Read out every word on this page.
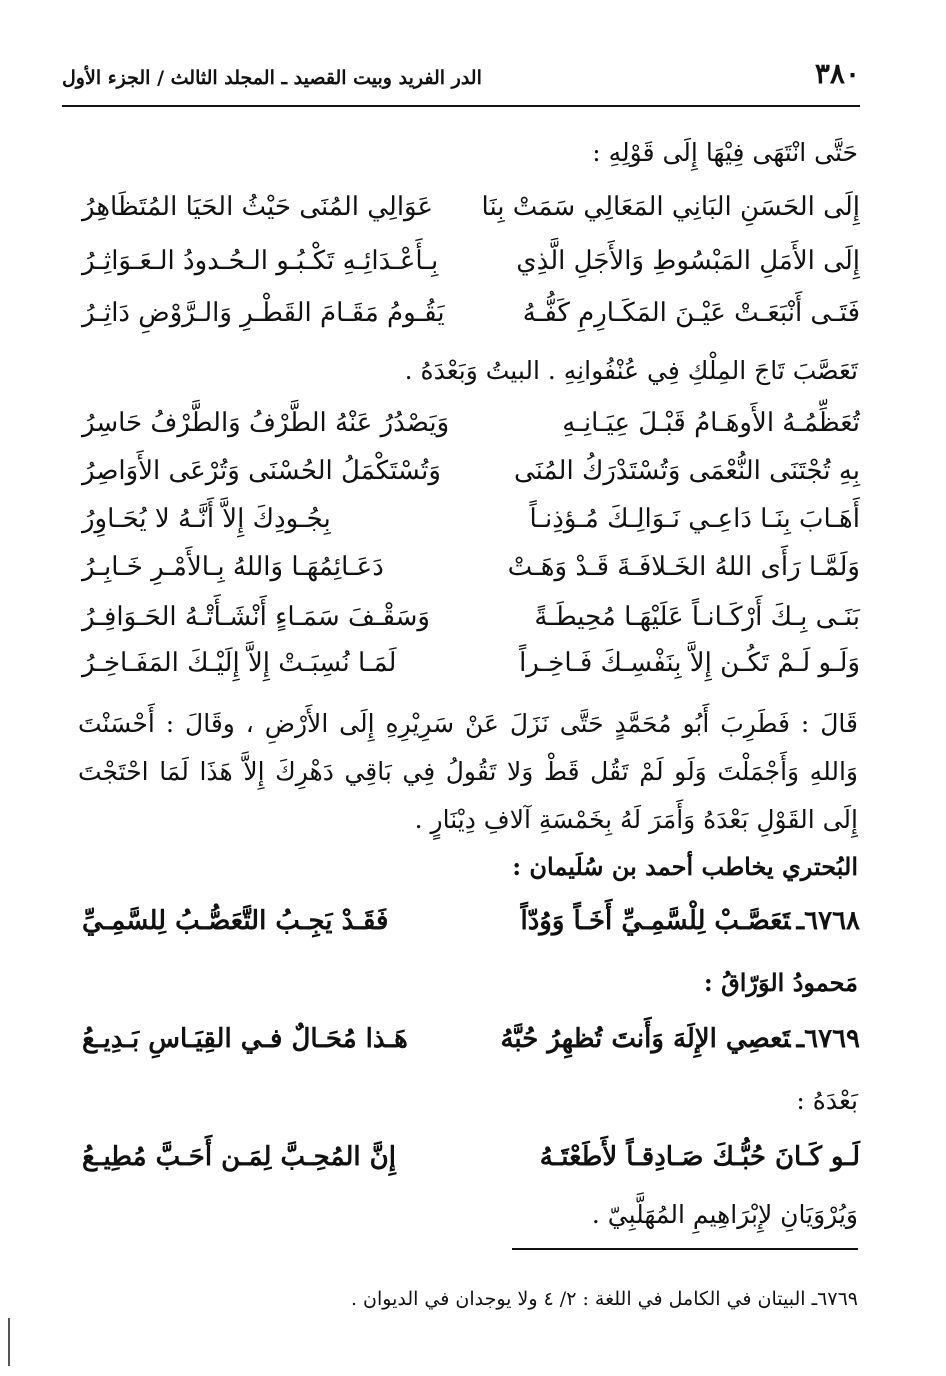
٣٨٠
الدر الفريد وبيت القصيد ـ المجلد الثالث / الجزء الأول
حَتَّى انْتَهَى فِيْهَا إِلَى قَوْلِهِ :
إِلَى الحَسَنِ البَانِي المَعَالِي سَمَتْ بِنَا
عَوَالِي المُنَى حَيْثُ الحَيَا المُتَظَاهِرُ
إِلَى الأَمَلِ المَبْسُوطِ وَالأَجَلِ الَّذِي
بِـأَعْـدَائِـهِ تَكْـبُـو الـحُـدودُ الـعَـوَاثِـرُ
فَتَـى أَنْبَعَـتْ عَيْـنَ المَكَـارِمِ كَفُّـهُ
يَقُـومُ مَقَـامَ القَطْـرِ وَالـرَّوْضِ دَاثِـرُ
تَعَصَّبَ تَاجَ المِلْكِ فِي عُنْفُوانِهِ . البيتُ وَبَعْدَهُ .
تُعَظِّمُـهُ الأَوهَـامُ قَبْـلَ عِيَـانِـهِ
وَيَصْدُرُ عَنْهُ الطَّرْفُ وَالطَّرْفُ حَاسِرُ
بِهِ تُجْتَنَى النُّعْمَى وَتُسْتَدْرَكُ المُنَى
وَتُسْتَكْمَلُ الحُسْنَى وَتُرْعَى الأَوَاصِرُ
أَهَـابَ بِنَـا دَاعِـي نَـوَالِـكَ مُـؤذِنـاً
بِجُـودِكَ إِلاَّ أَنَّـهُ لا يُحَـاوِرُ
وَلَمَّـا رَأَى اللهُ الخَـلافَـةَ قَـدْ وَهَـتْ
دَعَـائِمُهَـا وَاللهُ بِـالأَمْـرِ خَـابِـرُ
بَنَـى بِـكَ أَرْكَـانـاً عَلَيْهَـا مُحِيطَـةً
وَسَقْـفَ سَمَـاءٍ أَنْشَـأَتْـهُ الحَـوَافِـرُ
وَلَـو لَـمْ تَكُـن إِلاَّ بِنَفْسِـكَ فَـاخِـراً
لَمَـا نُسِبَـتْ إِلاَّ إِلَيْـكَ المَفَـاخِـرُ
قَالَ : فَطَرِبَ أَبُو مُحَمَّدٍ حَتَّى نَزَلَ عَنْ سَرِيْرِهِ إِلَى الأَرْضِ ، وقَالَ : أَحْسَنْتَ وَاللهِ وَأَجْمَلْتَ وَلَو لَمْ تَقُل قَطْ وَلا تَقُولُ فِي بَاقِي دَهْرِكَ إِلاَّ هَذَا لَمَا احْتَجْتَ إِلَى القَوْلِ بَعْدَهُ وَأَمَرَ لَهُ بِخَمْسَةِ آلافِ دِيْنَارٍ .
البُحتري يخاطب أحمد بن سُلَيمان :
٦٧٦٨ـتَعَصَّـبْ لِلْسَّمِـيِّ أَخَـاً وَوُدّاً
فَقَـدْ يَجِـبُ التَّعَصُّـبُ لِلسَّمِـيِّ
مَحمودُ الوَرّاقُ :
٦٧٦٩ـتَعصِي الإِلَهَ وَأَنتَ تُظهِرُ حُبَّهُ
هَـذا مُحَـالٌ فـي القِيَـاسِ بَـدِيـعُ
بَعْدَهُ :
لَـو كَـانَ حُبُّـكَ صَـادِقـاً لأَطَعْتَـهُ
إِنَّ المُحِـبَّ لِمَـن أَحَـبَّ مُطِيـعُ
وَيُرْوَيَانِ لإِبْرَاهِيمِ المُهَلَّبِيّ .
٦٧٦٩ـ البيتان في الكامل في اللغة : ٢/ ٤ ولا يوجدان في الديوان .
